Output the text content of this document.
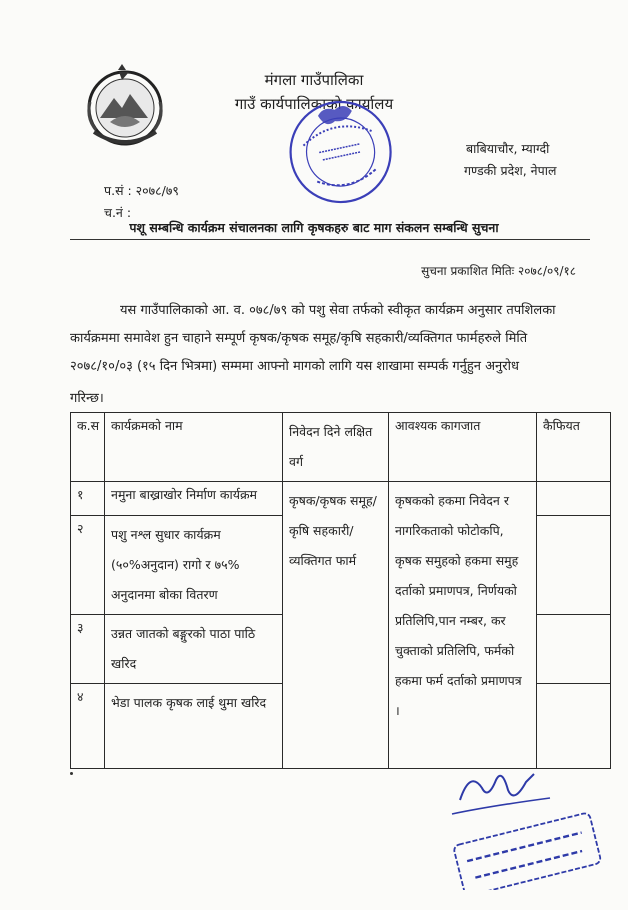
मंगला गाउँपालिका
गाउँ कार्यपालिकाको कार्यालय
बाबियाचौर, म्याग्दी
गण्डकी प्रदेश, नेपाल
प.सं : २०७८/७९
च.नं :
पशू सम्बन्धि कार्यक्रम संचालनका लागि कृषकहरु बाट माग संकलन सम्बन्धि सुचना
सुचना प्रकाशित मितिः २०७८/०९/१८
यस गाउँपालिकाको आ. व. ०७८/७९ को पशु सेवा तर्फको स्वीकृत कार्यक्रम अनुसार तपशिलका
कार्यक्रममा समावेश हुन चाहाने सम्पूर्ण कृषक/कृषक समूह/कृषि सहकारी/व्यक्तिगत फार्महरुले मिति
२०७८/१०/०३ (१५ दिन भित्रमा) सम्ममा आफ्नो मागको लागि यस शाखामा सम्पर्क गर्नुहुन अनुरोध
गरिन्छ।
क.स	कार्यक्रमको नाम	निवेदन दिने लक्षित वर्ग	आवश्यक कागजात	कैफियत
१	नमुना बाख्राखोर निर्माण कार्यक्रम	कृषक/कृषक समूह/कृषि सहकारी/व्यक्तिगत फार्म	कृषकको हकमा निवेदन र नागरिकताको फोटोकपि, कृषक समुहको हकमा समुह दर्ताको प्रमाणपत्र, निर्णयको प्रतिलिपि,पान नम्बर, कर चुक्ताको प्रतिलिपि, फर्मको हकमा फर्म दर्ताको प्रमाणपत्र ।	
२	पशु नश्ल सुधार कार्यक्रम (५०%अनुदान) रागो र ७५% अनुदानमा बोका वितरण			
३	उन्नत जातको बङ्गुरको पाठा पाठि खरिद			
४	भेडा पालक कृषक लाई थुमा खरिद			
